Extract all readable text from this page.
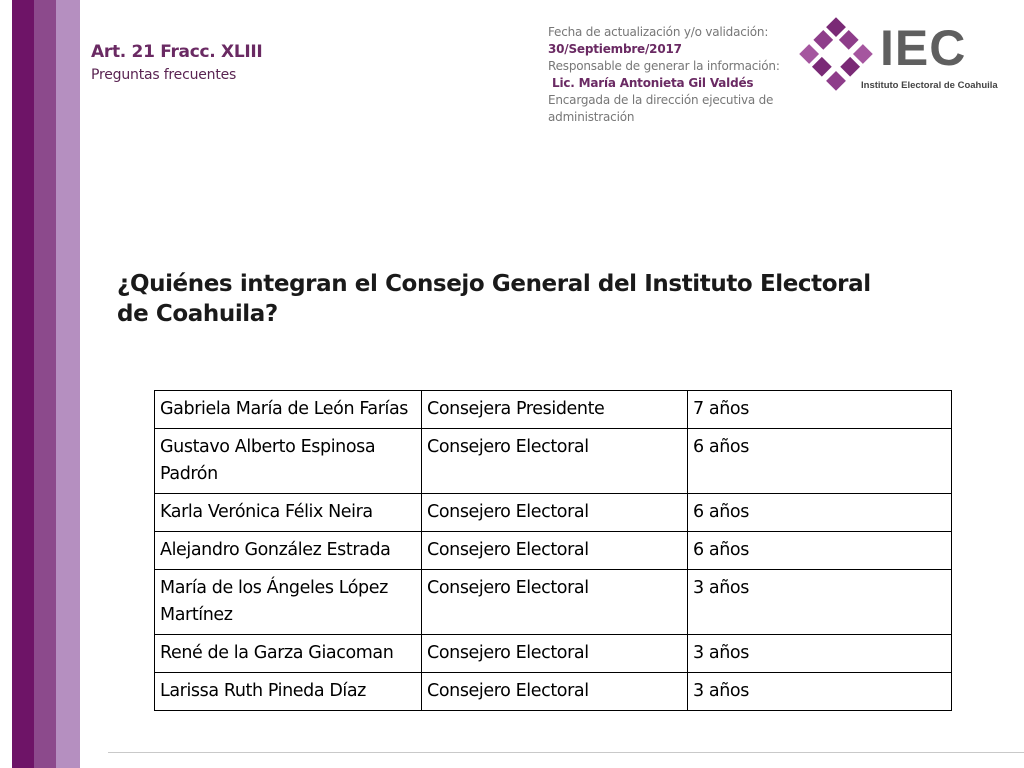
Art. 21 Fracc. XLIII
Preguntas frecuentes
Fecha de actualización y/o validación:
30/Septiembre/2017
Responsable de generar la información:
Lic. María Antonieta Gil Valdés
Encargada de la dirección ejecutiva de administración
IEC
Instituto Electoral de Coahuila
¿Quiénes integran el Consejo General del Instituto Electoral de Coahuila?
Gabriela María de León Farías	Consejera Presidente	7 años
Gustavo Alberto Espinosa Padrón	Consejero Electoral	6 años
Karla Verónica Félix Neira	Consejero Electoral	6 años
Alejandro González Estrada	Consejero Electoral	6 años
María de los Ángeles López Martínez	Consejero Electoral	3 años
René de la Garza Giacoman	Consejero Electoral	3 años
Larissa Ruth Pineda Díaz	Consejero Electoral	3 años
